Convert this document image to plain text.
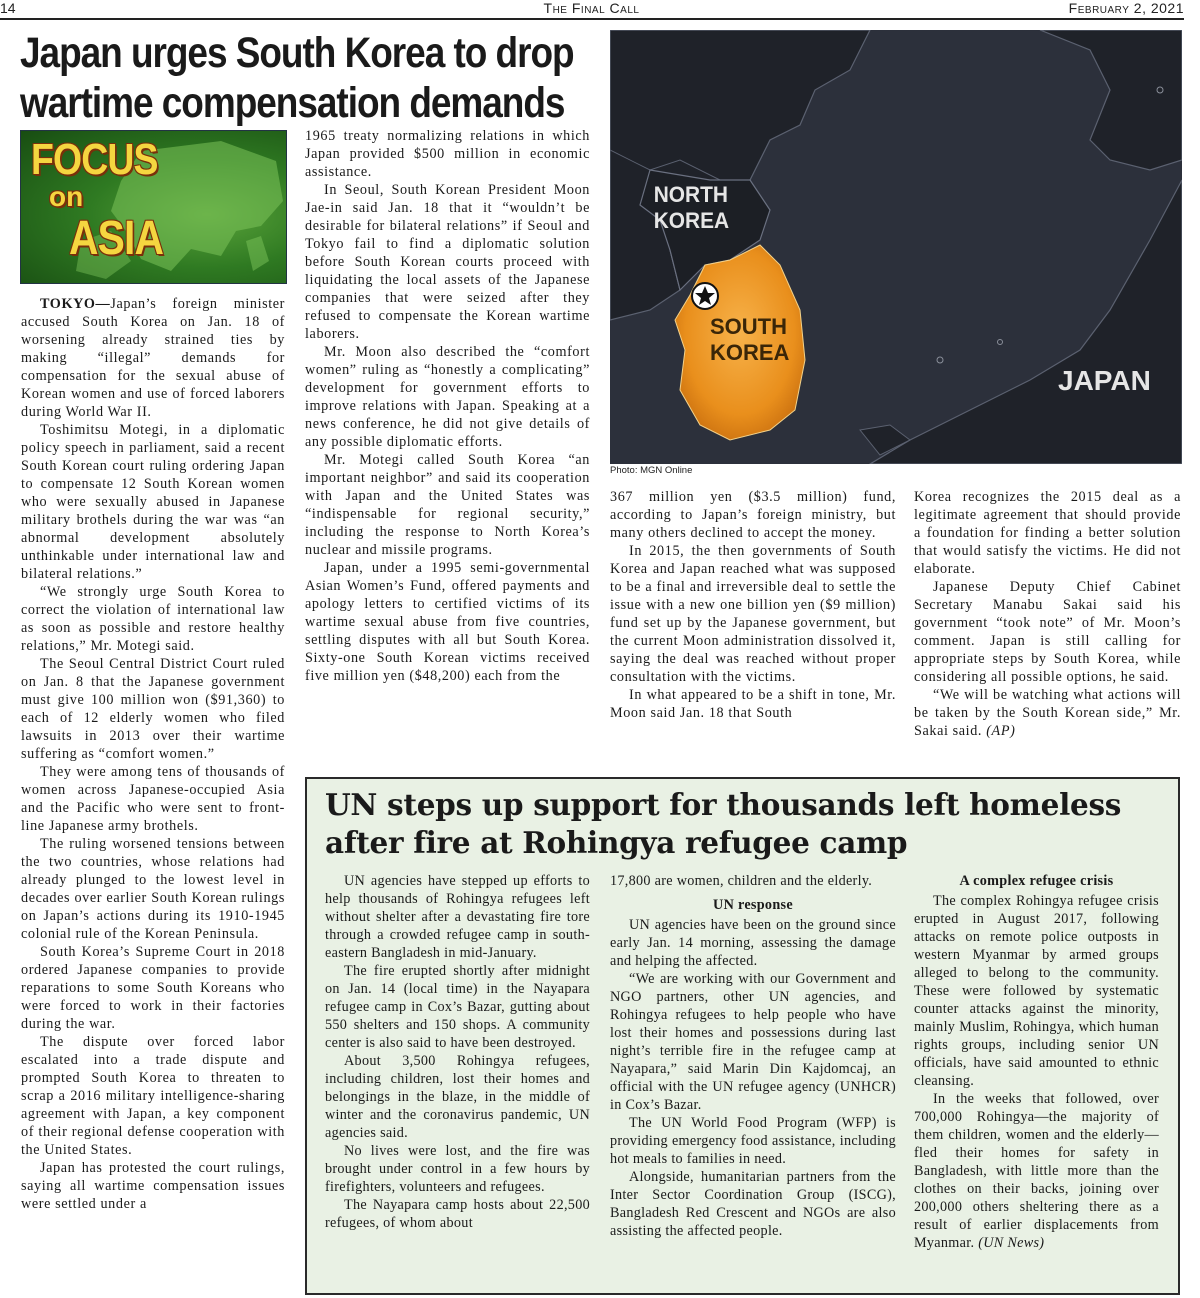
14	The Final Call	February 2, 2021
Japan urges South Korea to drop
wartime compensation demands
FOCUS
on
ASIA
NORTH
KOREA
SOUTH
KOREA
JAPAN
Photo: MGN Online

TOKYO—Japan’s foreign minister accused South Korea on Jan. 18 of worsening already strained ties by making “illegal” demands for compensation for the sexual abuse of Korean women and use of forced laborers during World War II.

Toshimitsu Motegi, in a diplomatic policy speech in parliament, said a recent South Korean court ruling ordering Japan to compensate 12 South Korean women who were sexually abused in Japanese military brothels during the war was “an abnormal development absolutely unthinkable under international law and bilateral relations.”

“We strongly urge South Korea to correct the violation of international law as soon as possible and restore healthy relations,” Mr. Motegi said.

The Seoul Central District Court ruled on Jan. 8 that the Japanese government must give 100 million won ($91,360) to each of 12 elderly women who filed lawsuits in 2013 over their wartime suffering as “comfort women.”

They were among tens of thousands of women across Japanese-occupied Asia and the Pacific who were sent to front-line Japanese army brothels.

The ruling worsened tensions between the two countries, whose relations had already plunged to the lowest level in decades over earlier South Korean rulings on Japan’s actions during its 1910-1945 colonial rule of the Korean Peninsula.

South Korea’s Supreme Court in 2018 ordered Japanese companies to provide reparations to some South Koreans who were forced to work in their factories during the war.

The dispute over forced labor escalated into a trade dispute and prompted South Korea to threaten to scrap a 2016 military intelligence-sharing agreement with Japan, a key component of their regional defense cooperation with the United States.

Japan has protested the court rulings, saying all wartime compensation issues were settled under a

1965 treaty normalizing relations in which Japan provided $500 million in economic assistance.

In Seoul, South Korean President Moon Jae-in said Jan. 18 that it “wouldn’t be desirable for bilateral relations” if Seoul and Tokyo fail to find a diplomatic solution before South Korean courts proceed with liquidating the local assets of the Japanese companies that were seized after they refused to compensate the Korean wartime laborers.

Mr. Moon also described the “comfort women” ruling as “honestly a complicating” development for government efforts to improve relations with Japan. Speaking at a news conference, he did not give details of any possible diplomatic efforts.

Mr. Motegi called South Korea “an important neighbor” and said its cooperation with Japan and the United States was “indispensable for regional security,” including the response to North Korea’s nuclear and missile programs.

Japan, under a 1995 semi-governmental Asian Women’s Fund, offered payments and apology letters to certified victims of its wartime sexual abuse from five countries, settling disputes with all but South Korea. Sixty-one South Korean victims received five million yen ($48,200) each from the

367 million yen ($3.5 million) fund, according to Japan’s foreign ministry, but many others declined to accept the money.

In 2015, the then governments of South Korea and Japan reached what was supposed to be a final and irreversible deal to settle the issue with a new one billion yen ($9 million) fund set up by the Japanese government, but the current Moon administration dissolved it, saying the deal was reached without proper consultation with the victims.

In what appeared to be a shift in tone, Mr. Moon said Jan. 18 that South

Korea recognizes the 2015 deal as a legitimate agreement that should provide a foundation for finding a better solution that would satisfy the victims. He did not elaborate.

Japanese Deputy Chief Cabinet Secretary Manabu Sakai said his government “took note” of Mr. Moon’s comment. Japan is still calling for appropriate steps by South Korea, while considering all possible options, he said.

“We will be watching what actions will be taken by the South Korean side,” Mr. Sakai said. (AP)

UN steps up support for thousands left homeless after fire at Rohingya refugee camp

UN agencies have stepped up efforts to help thousands of Rohingya refugees left without shelter after a devastating fire tore through a crowded refugee camp in south-eastern Bangladesh in mid-January.

The fire erupted shortly after midnight on Jan. 14 (local time) in the Nayapara refugee camp in Cox’s Bazar, gutting about 550 shelters and 150 shops. A community center is also said to have been destroyed.

About 3,500 Rohingya refugees, including children, lost their homes and belongings in the blaze, in the middle of winter and the coronavirus pandemic, UN agencies said.

No lives were lost, and the fire was brought under control in a few hours by firefighters, volunteers and refugees.

The Nayapara camp hosts about 22,500 refugees, of whom about

17,800 are women, children and the elderly.

UN response

UN agencies have been on the ground since early Jan. 14 morning, assessing the damage and helping the affected.

“We are working with our Government and NGO partners, other UN agencies, and Rohingya refugees to help people who have lost their homes and possessions during last night’s terrible fire in the refugee camp at Nayapara,” said Marin Din Kajdomcaj, an official with the UN refugee agency (UNHCR) in Cox’s Bazar.

The UN World Food Program (WFP) is providing emergency food assistance, including hot meals to families in need.

Alongside, humanitarian partners from the Inter Sector Coordination Group (ISCG), Bangladesh Red Crescent and NGOs are also assisting the affected people.

A complex refugee crisis

The complex Rohingya refugee crisis erupted in August 2017, following attacks on remote police outposts in western Myanmar by armed groups alleged to belong to the community. These were followed by systematic counter attacks against the minority, mainly Muslim, Rohingya, which human rights groups, including senior UN officials, have said amounted to ethnic cleansing.

In the weeks that followed, over 700,000 Rohingya—the majority of them children, women and the elderly—fled their homes for safety in Bangladesh, with little more than the clothes on their backs, joining over 200,000 others sheltering there as a result of earlier displacements from Myanmar. (UN News)
